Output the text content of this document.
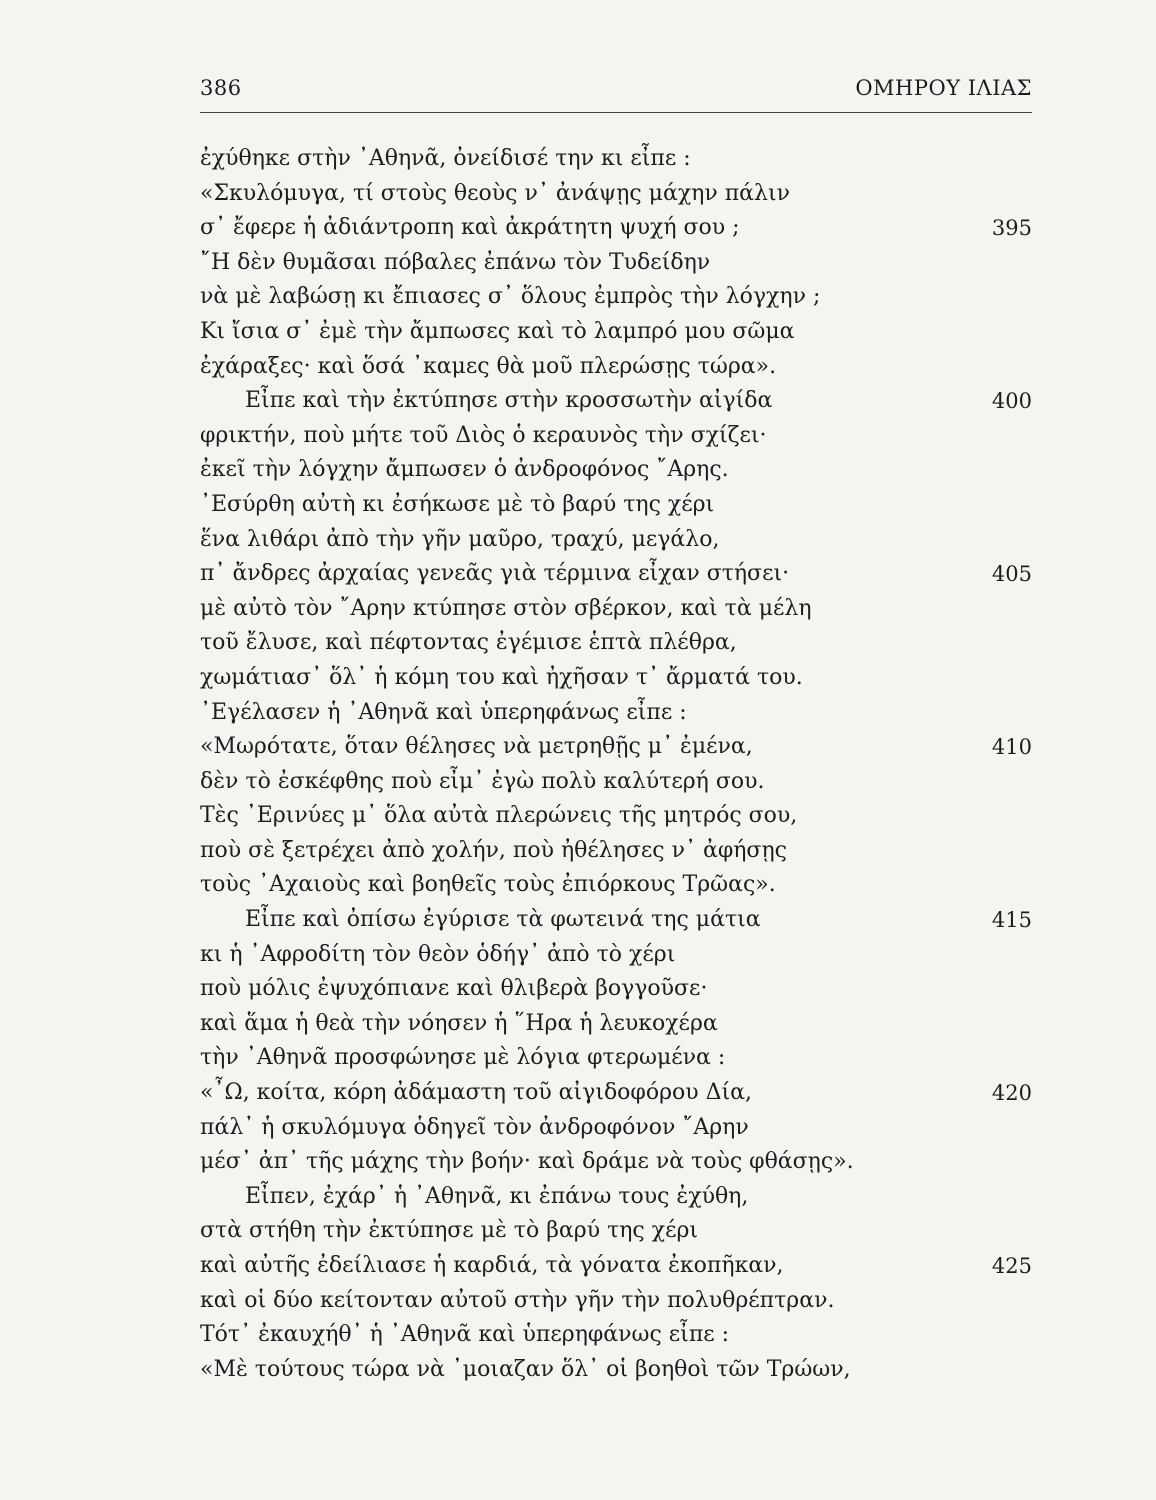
386	ΟΜΗΡΟΥ ΙΛΙΑΣ
ἐχύθηκε στὴν ᾿Αθηνᾶ, ὀνείδισέ την κι εἶπε :
«Σκυλόμυγα, τί στοὺς θεοὺς ν᾿ ἀνάψῃς μάχην πάλιν
σ᾿ ἔφερε ἡ ἀδιάντροπη καὶ ἀκράτητη ψυχή σου ;	395
῎Η δὲν θυμᾶσαι πόβαλες ἐπάνω τὸν Τυδείδην
νὰ μὲ λαβώσῃ κι ἔπιασες σ᾿ ὅλους ἐμπρὸς τὴν λόγχην ;
Κι ἴσια σ᾿ ἐμὲ τὴν ἄμπωσες καὶ τὸ λαμπρό μου σῶμα
ἐχάραξες· καὶ ὅσά ᾿καμες θὰ μοῦ πλερώσῃς τώρα».
Εἶπε καὶ τὴν ἐκτύπησε στὴν κροσσωτὴν αἰγίδα	400
φρικτήν, ποὺ μήτε τοῦ Διὸς ὁ κεραυνὸς τὴν σχίζει·
ἐκεῖ τὴν λόγχην ἄμπωσεν ὁ ἀνδροφόνος ῎Αρης.
᾿Εσύρθη αὐτὴ κι ἐσήκωσε μὲ τὸ βαρύ της χέρι
ἕνα λιθάρι ἀπὸ τὴν γῆν μαῦρο, τραχύ, μεγάλο,
π᾿ ἄνδρες ἀρχαίας γενεᾶς γιὰ τέρμινα εἶχαν στήσει·	405
μὲ αὐτὸ τὸν ῎Αρην κτύπησε στὸν σβέρκον, καὶ τὰ μέλη
τοῦ ἔλυσε, καὶ πέφτοντας ἐγέμισε ἑπτὰ πλέθρα,
χωμάτιασ᾿ ὅλ᾿ ἡ κόμη του καὶ ἠχῆσαν τ᾿ ἄρματά του.
᾿Εγέλασεν ἡ ᾿Αθηνᾶ καὶ ὑπερηφάνως εἶπε :
«Μωρότατε, ὅταν θέλησες νὰ μετρηθῇς μ᾿ ἐμένα,	410
δὲν τὸ ἐσκέφθης ποὺ εἶμ᾿ ἐγὼ πολὺ καλύτερή σου.
Τὲς ᾿Ερινύες μ᾿ ὅλα αὐτὰ πλερώνεις τῆς μητρός σου,
ποὺ σὲ ξετρέχει ἀπὸ χολήν, ποὺ ἠθέλησες ν᾿ ἀφήσῃς
τοὺς ᾿Αχαιοὺς καὶ βοηθεῖς τοὺς ἐπιόρκους Τρῶας».
Εἶπε καὶ ὀπίσω ἐγύρισε τὰ φωτεινά της μάτια	415
κι ἡ ᾿Αφροδίτη τὸν θεὸν ὁδήγ᾿ ἀπὸ τὸ χέρι
ποὺ μόλις ἐψυχόπιανε καὶ θλιβερὰ βογγοῦσε·
καὶ ἅμα ἡ θεὰ τὴν νόησεν ἡ ῞Ηρα ἡ λευκοχέρα
τὴν ᾿Αθηνᾶ προσφώνησε μὲ λόγια φτερωμένα :
«῏Ω, κοίτα, κόρη ἀδάμαστη τοῦ αἰγιδοφόρου Δία,	420
πάλ᾿ ἡ σκυλόμυγα ὁδηγεῖ τὸν ἀνδροφόνον ῎Αρην
μέσ᾿ ἀπ᾿ τῆς μάχης τὴν βοήν· καὶ δράμε νὰ τοὺς φθάσῃς».
Εἶπεν, ἐχάρ᾿ ἡ ᾿Αθηνᾶ, κι ἐπάνω τους ἐχύθη,
στὰ στήθη τὴν ἐκτύπησε μὲ τὸ βαρύ της χέρι
καὶ αὐτῆς ἐδείλιασε ἡ καρδιά, τὰ γόνατα ἐκοπῆκαν,	425
καὶ οἱ δύο κείτονταν αὐτοῦ στὴν γῆν τὴν πολυθρέπτραν.
Τότ᾿ ἐκαυχήθ᾿ ἡ ᾿Αθηνᾶ καὶ ὑπερηφάνως εἶπε :
«Μὲ τούτους τώρα νὰ ᾿μοιαζαν ὅλ᾿ οἱ βοηθοὶ τῶν Τρώων,
